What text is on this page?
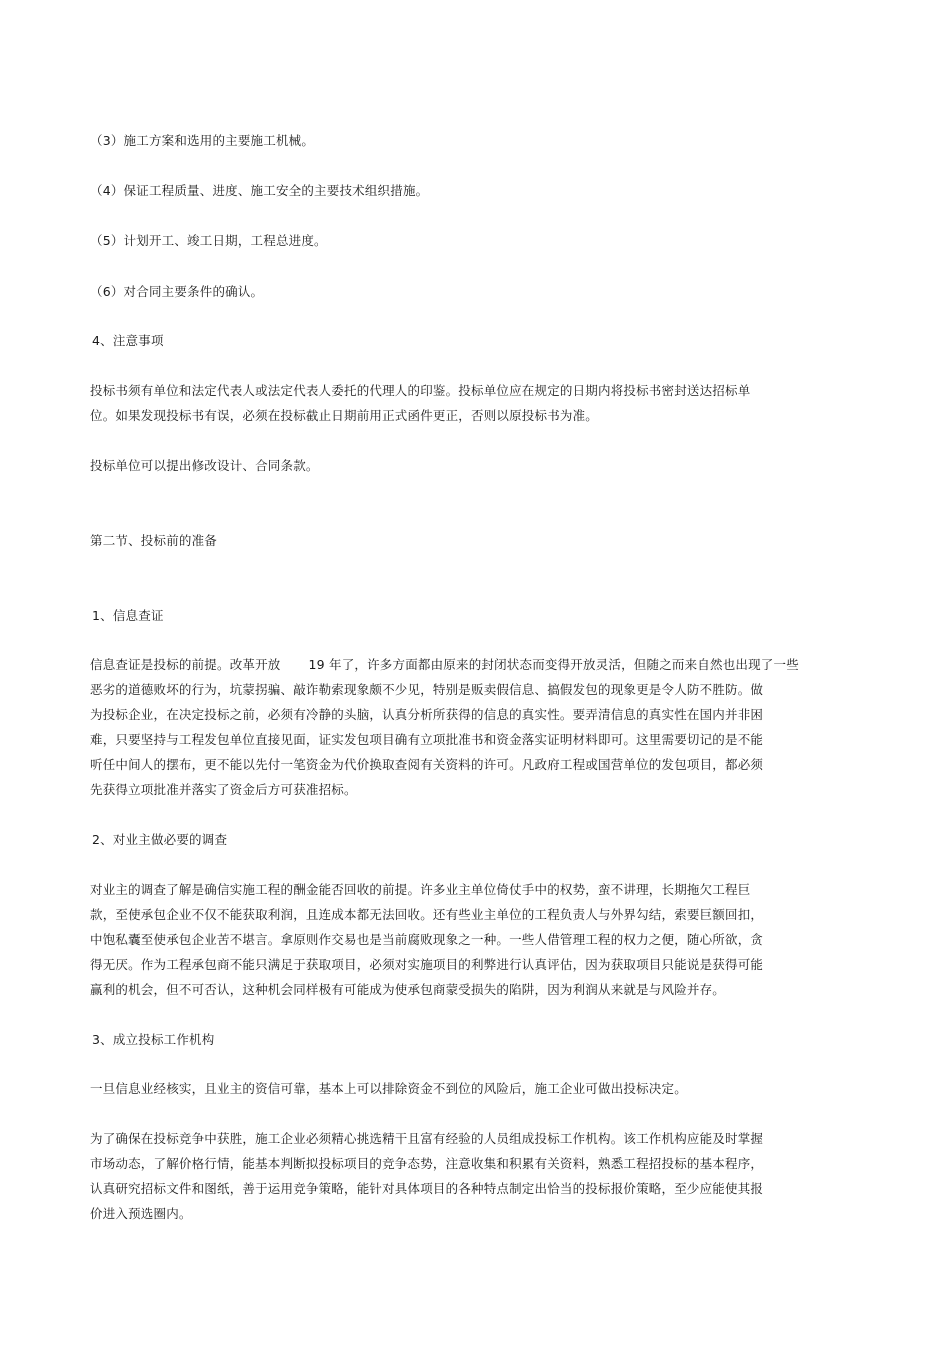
（3）施工方案和选用的主要施工机械。
（4）保证工程质量、进度、施工安全的主要技术组织措施。
（5）计划开工、竣工日期，工程总进度。
（6）对合同主要条件的确认。
4、注意事项
投标书须有单位和法定代表人或法定代表人委托的代理人的印鉴。投标单位应在规定的日期内将投标书密封送达招标单
位。如果发现投标书有误，必须在投标截止日期前用正式函件更正，否则以原投标书为准。
投标单位可以提出修改设计、合同条款。
第二节、投标前的准备
1、信息查证
信息查证是投标的前提。改革开放 19 年了，许多方面都由原来的封闭状态而变得开放灵活，但随之而来自然也出现了一些
恶劣的道德败坏的行为，坑蒙拐骗、敲诈勒索现象颇不少见，特别是贩卖假信息、搞假发包的现象更是令人防不胜防。做
为投标企业，在决定投标之前，必须有冷静的头脑，认真分析所获得的信息的真实性。要弄清信息的真实性在国内并非困
难，只要坚持与工程发包单位直接见面，证实发包项目确有立项批准书和资金落实证明材料即可。这里需要切记的是不能
听任中间人的摆布，更不能以先付一笔资金为代价换取查阅有关资料的许可。凡政府工程或国营单位的发包项目，都必须
先获得立项批准并落实了资金后方可获准招标。
2、对业主做必要的调查
对业主的调查了解是确信实施工程的酬金能否回收的前提。许多业主单位倚仗手中的权势，蛮不讲理，长期拖欠工程巨
款，至使承包企业不仅不能获取利润，且连成本都无法回收。还有些业主单位的工程负责人与外界勾结，索要巨额回扣，
中饱私囊至使承包企业苦不堪言。拿原则作交易也是当前腐败现象之一种。一些人借管理工程的权力之便，随心所欲，贪
得无厌。作为工程承包商不能只满足于获取项目，必须对实施项目的利弊进行认真评估，因为获取项目只能说是获得可能
赢利的机会，但不可否认，这种机会同样极有可能成为使承包商蒙受损失的陷阱，因为利润从来就是与风险并存。
3、成立投标工作机构
一旦信息业经核实，且业主的资信可靠，基本上可以排除资金不到位的风险后，施工企业可做出投标决定。
为了确保在投标竞争中获胜，施工企业必须精心挑选精干且富有经验的人员组成投标工作机构。该工作机构应能及时掌握
市场动态，了解价格行情，能基本判断拟投标项目的竞争态势，注意收集和积累有关资料，熟悉工程招投标的基本程序，
认真研究招标文件和图纸，善于运用竞争策略，能针对具体项目的各种特点制定出恰当的投标报价策略，至少应能使其报
价进入预选圈内。
